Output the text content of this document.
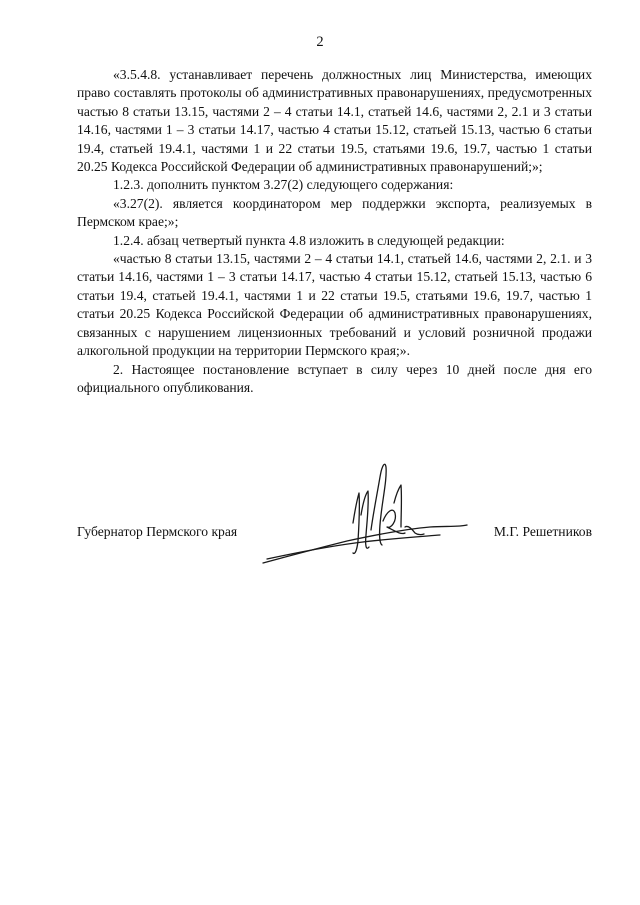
2

«3.5.4.8. устанавливает перечень должностных лиц Министерства, имеющих право составлять протоколы об административных правонарушениях, предусмотренных частью 8 статьи 13.15, частями 2 – 4 статьи 14.1, статьей 14.6, частями 2, 2.1 и 3 статьи 14.16, частями 1 – 3 статьи 14.17, частью 4 статьи 15.12, статьей 15.13, частью 6 статьи 19.4, статьей 19.4.1, частями 1 и 22 статьи 19.5, статьями 19.6, 19.7, частью 1 статьи 20.25 Кодекса Российской Федерации об административных правонарушений;»;

1.2.3. дополнить пунктом 3.27(2) следующего содержания:

«3.27(2). является координатором мер поддержки экспорта, реализуемых в Пермском крае;»;

1.2.4. абзац четвертый пункта 4.8 изложить в следующей редакции:

«частью 8 статьи 13.15, частями 2 – 4 статьи 14.1, статьей 14.6, частями 2, 2.1. и 3 статьи 14.16, частями 1 – 3 статьи 14.17, частью 4 статьи 15.12, статьей 15.13, частью 6 статьи 19.4, статьей 19.4.1, частями 1 и 22 статьи 19.5, статьями 19.6, 19.7, частью 1 статьи 20.25 Кодекса Российской Федерации об административных правонарушениях, связанных с нарушением лицензионных требований и условий розничной продажи алкогольной продукции на территории Пермского края;».

2. Настоящее постановление вступает в силу через 10 дней после дня его официального опубликования.

Губернатор Пермского края	М.Г. Решетников
